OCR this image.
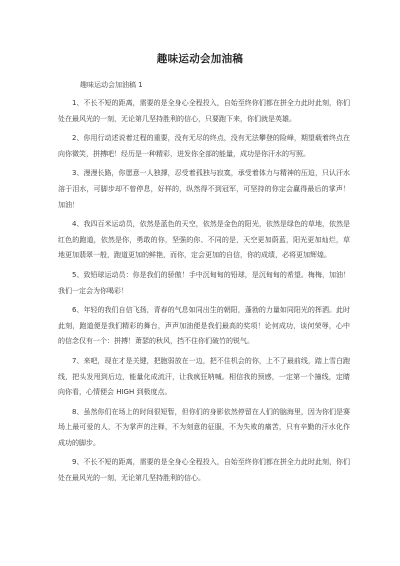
趣味运动会加油稿
趣味运动会加油稿 1

1、不长不短的距离，需要的是全身心全程投入，自始至终你们都在拼全力此时此刻，你们处在最风光的一刻，无论第几坚持胜利的信心，只要跑下来，你们就是英雄。

2、你用行动述说着过程的重要，没有无尽的终点，没有无法攀登的险峰，期望载着终点在向你微笑，拼搏吧！经历是一种精彩，迸发你全部的能量，成功是你汗水的写照。

3、漫漫长路，你愿意一人独撑，忍受着孤独与寂寞，承受着体力与精神的压迫，只认汗水溶于泪水，可脚步却不曾停息，好样的，纵然得不到冠军，可坚持的你定会赢得最后的掌声！加油！

4、我四百米运动员，依然是蓝色的天空，依然是金色的阳光，依然是绿色的草地，依然是红色的跑道，依然是你，勇敢的你，坚强的你、不同的是，天空更加蔚蓝，阳光更加灿烂，草地更加翡翠一般，跑道更加的鲜艳，而你，定会更加的自信，你的成绩，必将更加辉煌。

5、致铅球运动员：你是我们的骄傲！手中沉甸甸的铅球，是沉甸甸的希望。梅梅，加油！我们一定会为你喝彩！

6、年轻的我们自信飞扬，青春的气息如同出生的朝阳，蓬勃的力量如同阳光的挥洒。此时此刻，跑道便是我们精彩的舞台，声声加油便是我们最高的奖项！论何成功，谈何荣辱，心中的信念仅有一个：拼搏！萧瑟的秋风，挡不住你们破竹的锐气。

7、来吧，现在才是关键，把胞弱放在一边，把不住机会的你，上不了最前线，踏上雪白跑线，把头发甩到后边，能量化成流汗，让我疯狂呐喊。相信我的预感，一定第一个撞线，定睛向你看，心情便会 HIGH 到极度点。

8、虽然你们在场上的时间很短暂，但你们的身影依然停留在人们的脑海里，因为你们是赛场上最可爱的人，不为掌声的注释，不为刻意的征服，不为失败的痛苦，只有辛勤的汗水化作成功的脚步。

9、不长不短的距离，需要的是全身心全程投入，自始至终你们都在拼全力此时此刻，你们处在最风光的一刻，无论第几坚持胜利的信心。
